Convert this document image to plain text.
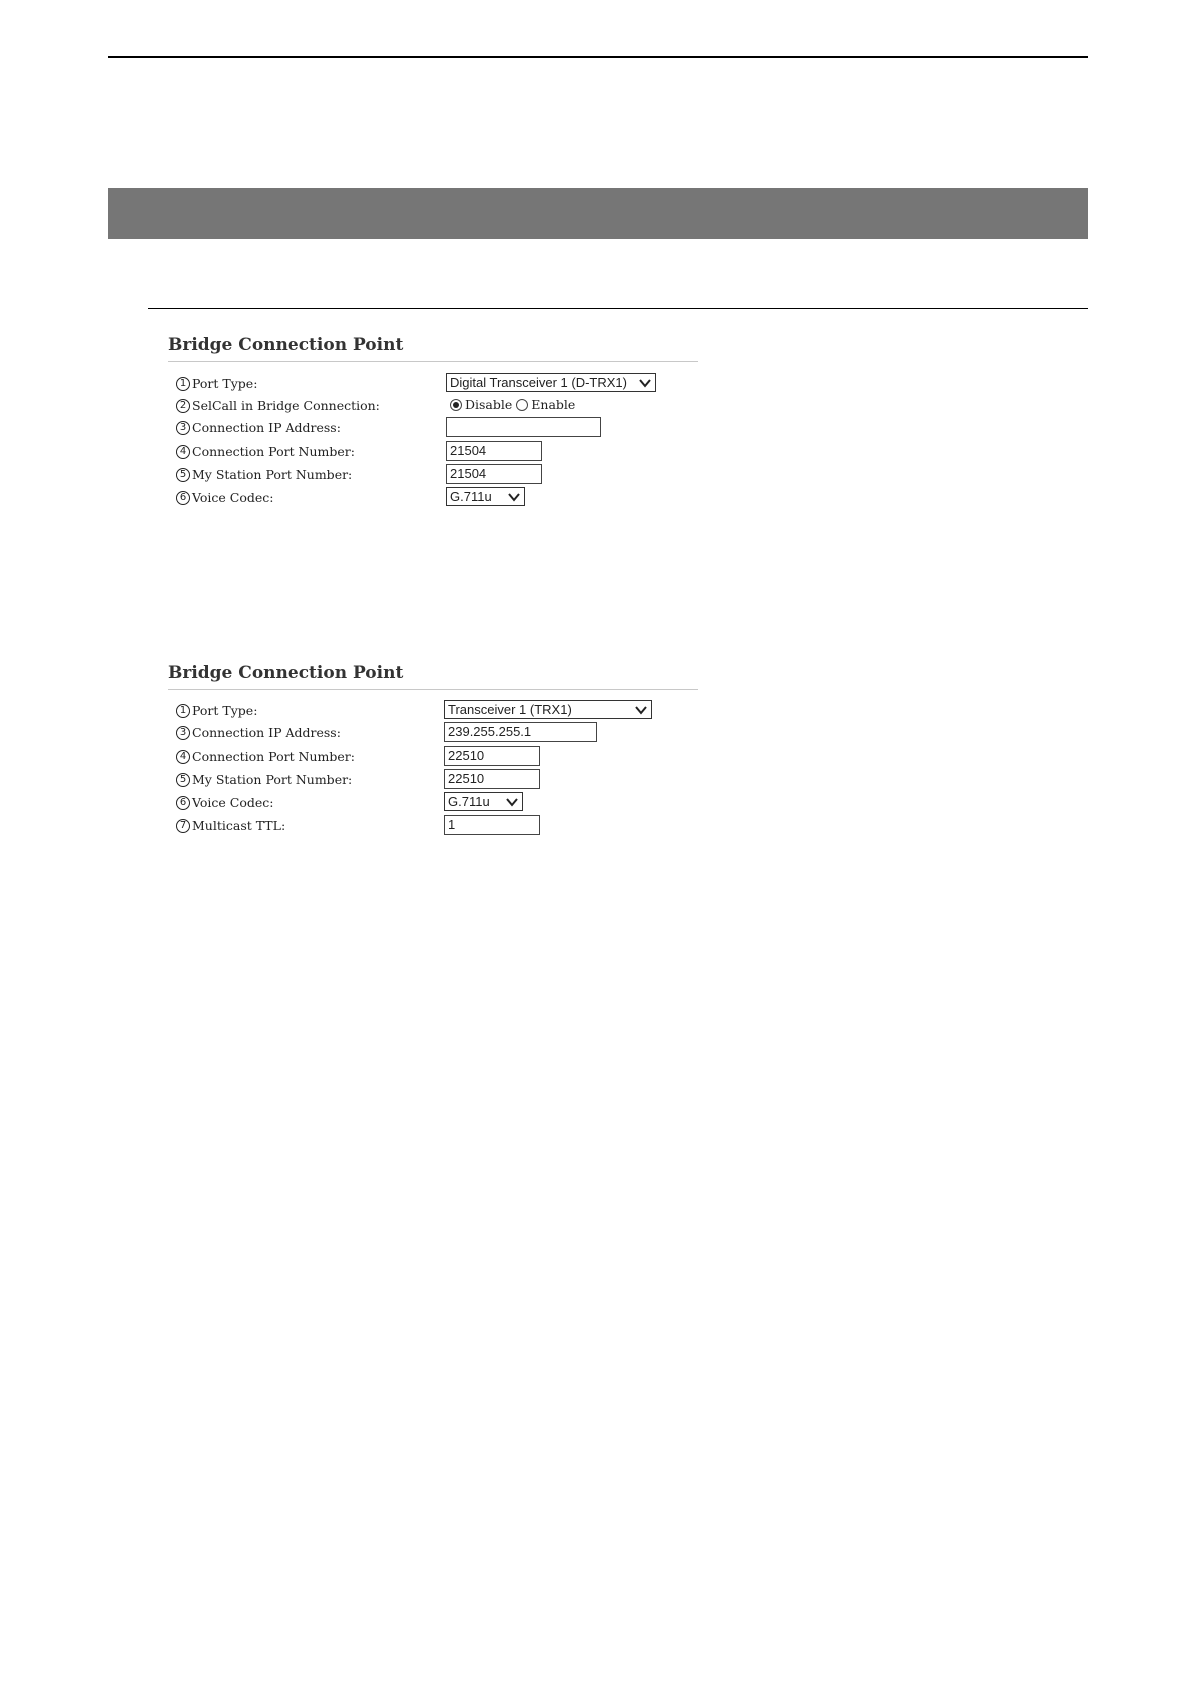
Bridge Connection Point
1 Port Type:	Digital Transceiver 1 (D-TRX1)
2 SelCall in Bridge Connection:	Disable Enable
3 Connection IP Address:
4 Connection Port Number:	21504
5 My Station Port Number:	21504
6 Voice Codec:	G.711u
Bridge Connection Point
1 Port Type:	Transceiver 1 (TRX1)
3 Connection IP Address:	239.255.255.1
4 Connection Port Number:	22510
5 My Station Port Number:	22510
6 Voice Codec:	G.711u
7 Multicast TTL:	1
